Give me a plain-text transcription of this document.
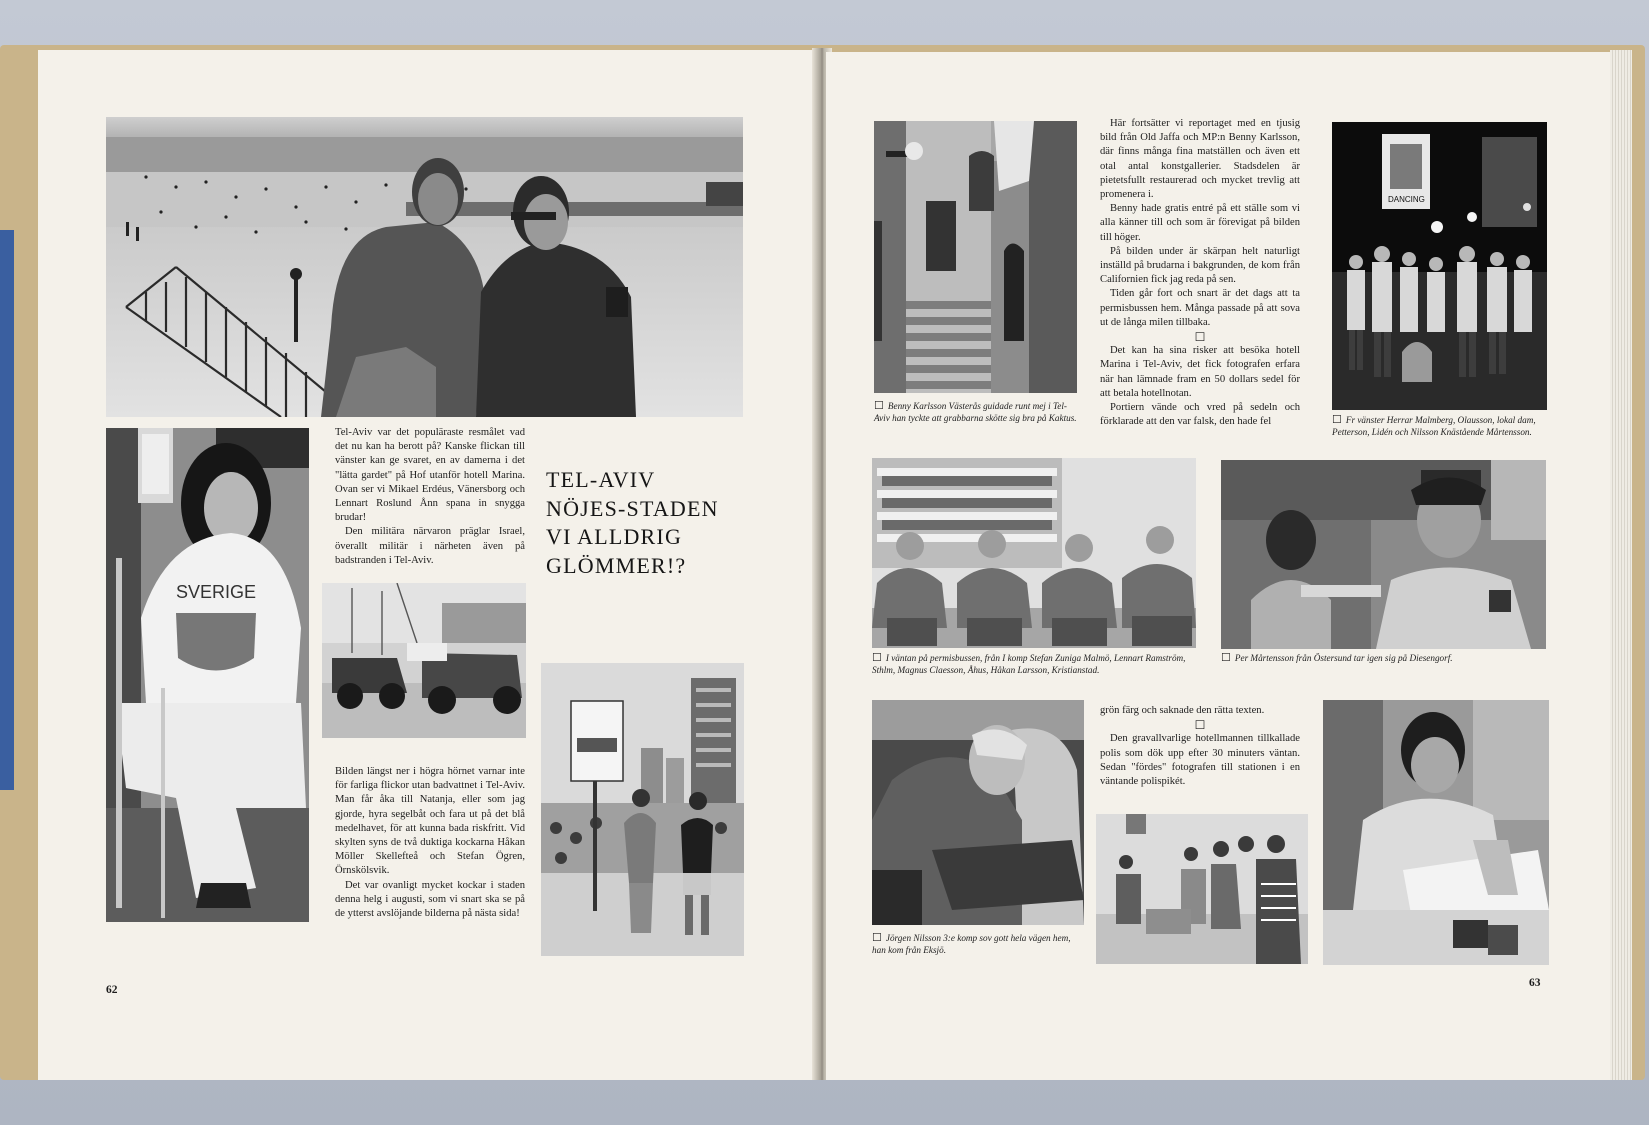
SVERIGE

Tel-Aviv var det populäraste resmålet vad det nu kan ha berott på? Kanske flickan till vänster kan ge svaret, en av damerna i det "lätta gardet" på Hof utanför hotell Marina. Ovan ser vi Mikael Erdéus, Vänersborg och Lennart Roslund Ånn spana in snygga brudar!

Den militära närvaron präglar Israel, överallt militär i närheten även på badstranden i Tel-Aviv.

TEL-AVIV
NÖJES-STADEN
VI ALLDRIG
GLÖMMER!?

Bilden längst ner i högra hörnet varnar inte för farliga flickor utan badvattnet i Tel-Aviv. Man får åka till Natanja, eller som jag gjorde, hyra segelbåt och fara ut på det blå medelhavet, för att kunna bada riskfritt. Vid skylten syns de två duktiga kockarna Håkan Möller Skellefteå och Stefan Ögren, Örnskölsvik.

Det var ovanligt mycket kockar i staden denna helg i augusti, som vi snart ska se på de ytterst avslöjande bilderna på nästa sida!

62

Här fortsätter vi reportaget med en tjusig bild från Old Jaffa och MP:n Benny Karlsson, där finns många fina matställen och även ett otal antal konstgallerier. Stadsdelen är pietetsfullt restaurerad och mycket trevlig att promenera i.

Benny hade gratis entré på ett ställe som vi alla känner till och som är förevigat på bilden till höger.

På bilden under är skärpan helt naturligt inställd på brudarna i bakgrunden, de kom från Californien fick jag reda på sen.

Tiden går fort och snart är det dags att ta permisbussen hem. Många passade på att sova ut de långa milen tillbaka.

☐

Det kan ha sina risker att besöka hotell Marina i Tel-Aviv, det fick fotografen erfara när han lämnade fram en 50 dollars sedel för att betala hotellnotan.

Portiern vände och vred på sedeln och förklarade att den var falsk, den hade fel

DANCING
☐ Benny Karlsson Västerås guidade runt mej i Tel-Aviv han tyckte att grabbarna skötte sig bra på Kaktus.	☐ Fr vänster Herrar Malmberg, Olausson, lokal dam, Petterson, Lidén och Nilsson Knästående Mårtensson.
☐ I väntan på permisbussen, från I komp Stefan Zuniga Malmö, Lennart Ramström, Sthlm, Magnus Claesson, Åhus, Håkan Larsson, Kristianstad.
☐ Per Mårtensson från Östersund tar igen sig på Diesengorf.
☐ Jörgen Nilsson 3:e komp sov gott hela vägen hem, han kom från Eksjö.

grön färg och saknade den rätta texten.

☐

Den gravallvarlige hotellmannen tillkallade polis som dök upp efter 30 minuters väntan. Sedan "fördes" fotografen till stationen i en väntande polispikét.

63
